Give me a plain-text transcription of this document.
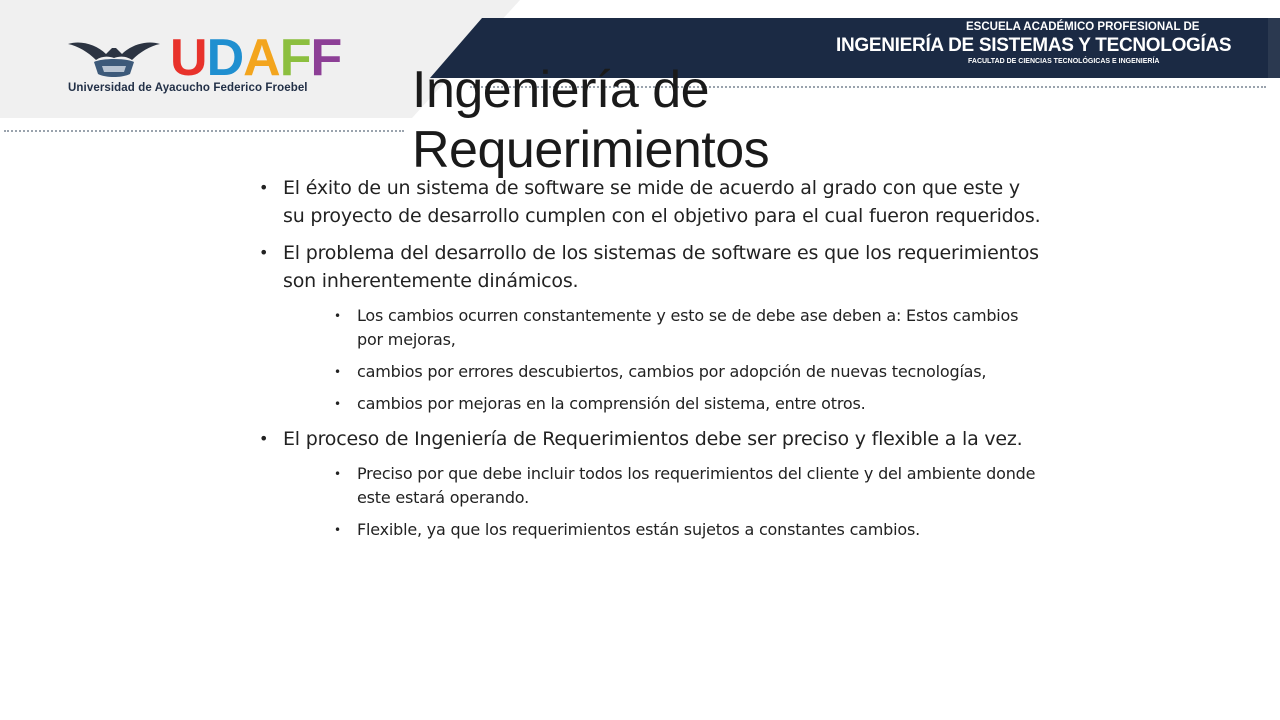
UDAFF

Universidad de Ayacucho Federico Froebel

ESCUELA ACADÉMICO PROFESIONAL DE

INGENIERÍA DE SISTEMAS Y TECNOLOGÍAS

FACULTAD DE CIENCIAS TECNOLÓGICAS E INGENIERÍA

Ingeniería de Requerimientos
• El éxito de un sistema de software se mide de acuerdo al grado con que este y su proyecto de desarrollo cumplen con el objetivo para el cual fueron requeridos.
• El problema del desarrollo de los sistemas de software es que los requerimientos son inherentemente dinámicos.
•	Los cambios ocurren constantemente y esto se de debe ase deben a: Estos cambios por mejoras,
•	cambios por errores descubiertos, cambios por adopción de nuevas tecnologías,
•	cambios por mejoras en la comprensión del sistema, entre otros.
• El proceso de Ingeniería de Requerimientos debe ser preciso y flexible a la vez.
•	Preciso por que debe incluir todos los requerimientos del cliente y del ambiente donde este estará operando.
•	Flexible, ya que los requerimientos están sujetos a constantes cambios.
